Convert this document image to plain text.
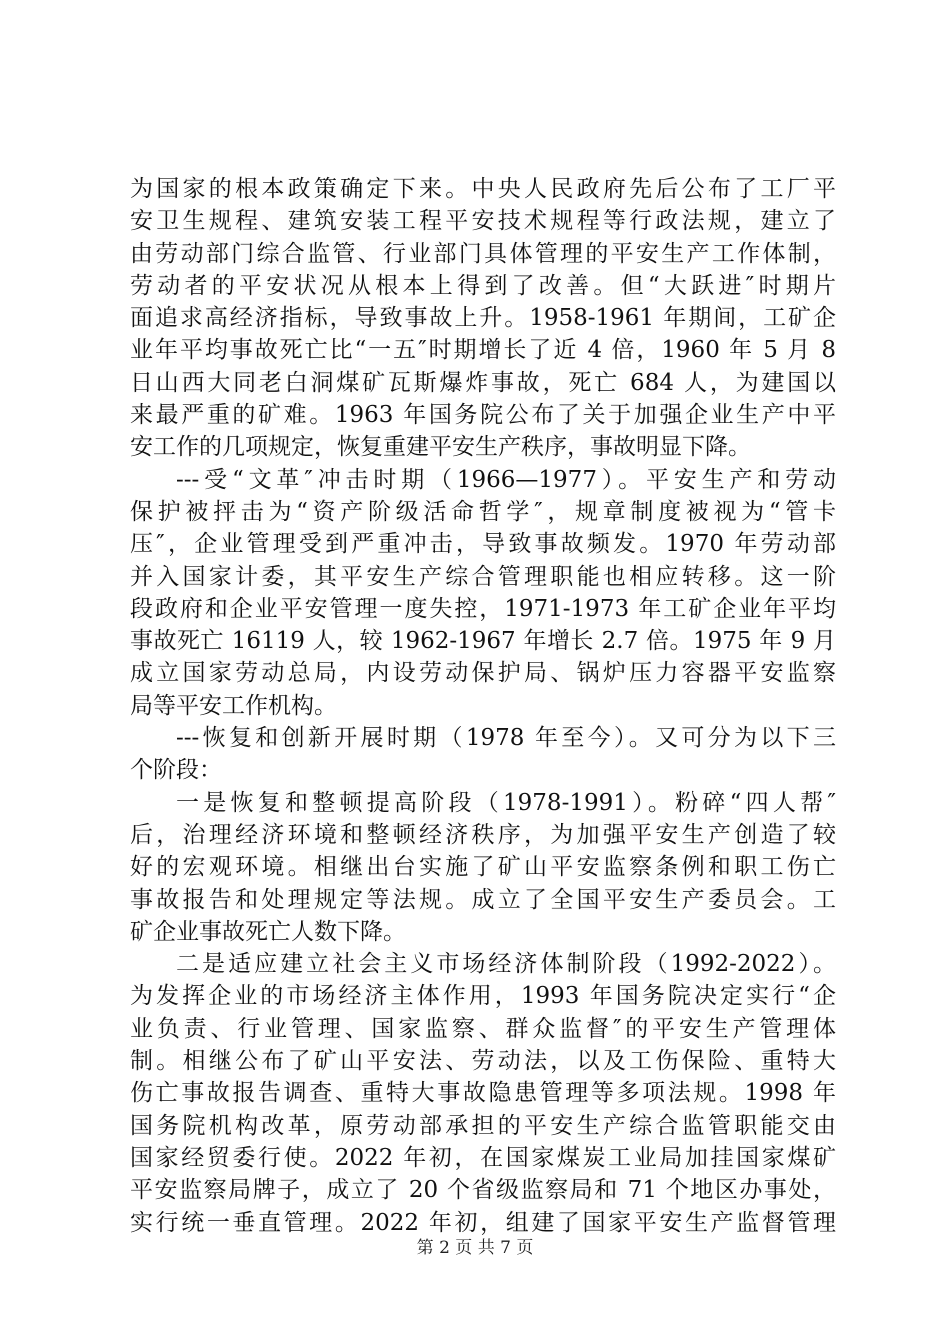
为国家的根本政策确定下来。中央人民政府先后公布了工厂平
安卫生规程、建筑安装工程平安技术规程等行政法规，建立了
由劳动部门综合监管、行业部门具体管理的平安生产工作体制，
劳动者的平安状况从根本上得到了改善。但“大跃进″时期片
面追求高经济指标，导致事故上升。1958-1961 年期间，工矿企
业年平均事故死亡比“一五″时期增长了近 4 倍，1960 年 5 月 8
日山西大同老白洞煤矿瓦斯爆炸事故，死亡 684 人，为建国以
来最严重的矿难。1963 年国务院公布了关于加强企业生产中平
安工作的几项规定，恢复重建平安生产秩序，事故明显下降。
---受“文革″冲击时期（1966—1977）。平安生产和劳动
保护被抨击为“资产阶级活命哲学″，规章制度被视为“管卡
压″，企业管理受到严重冲击，导致事故频发。1970 年劳动部
并入国家计委，其平安生产综合管理职能也相应转移。这一阶
段政府和企业平安管理一度失控，1971-1973 年工矿企业年平均
事故死亡 16119 人，较 1962-1967 年增长 2.7 倍。1975 年 9 月
成立国家劳动总局，内设劳动保护局、锅炉压力容器平安监察
局等平安工作机构。
---恢复和创新开展时期（1978 年至今）。又可分为以下三
个阶段：
一是恢复和整顿提高阶段（1978-1991）。粉碎“四人帮″
后，治理经济环境和整顿经济秩序，为加强平安生产创造了较
好的宏观环境。相继出台实施了矿山平安监察条例和职工伤亡
事故报告和处理规定等法规。成立了全国平安生产委员会。工
矿企业事故死亡人数下降。
二是适应建立社会主义市场经济体制阶段（1992-2022）。
为发挥企业的市场经济主体作用，1993 年国务院决定实行“企
业负责、行业管理、国家监察、群众监督″的平安生产管理体
制。相继公布了矿山平安法、劳动法，以及工伤保险、重特大
伤亡事故报告调查、重特大事故隐患管理等多项法规。1998 年
国务院机构改革，原劳动部承担的平安生产综合监管职能交由
国家经贸委行使。2022 年初，在国家煤炭工业局加挂国家煤矿
平安监察局牌子，成立了 20 个省级监察局和 71 个地区办事处，
实行统一垂直管理。2022 年初，组建了国家平安生产监督管理
第 2 页 共 7 页
